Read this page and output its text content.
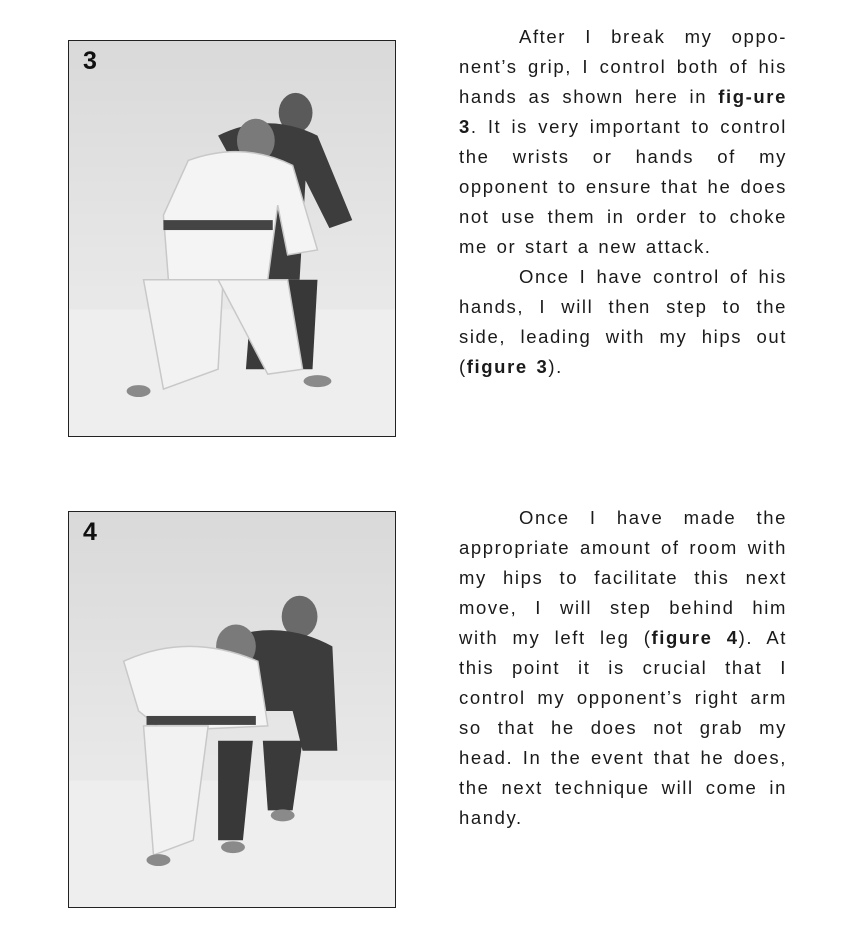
3

After I break my oppo-nent’s grip, I control both of his hands as shown here in fig-ure 3. It is very important to control the wrists or hands of my opponent to ensure that he does not use them in order to choke me or start a new attack.

Once I have control of his hands, I will then step to the side, leading with my hips out (figure 3).

4

Once I have made the appropriate amount of room with my hips to facilitate this next move, I will step behind him with my left leg (figure 4). At this point it is crucial that I control my opponent’s right arm so that he does not grab my head. In the event that he does, the next technique will come in handy.
